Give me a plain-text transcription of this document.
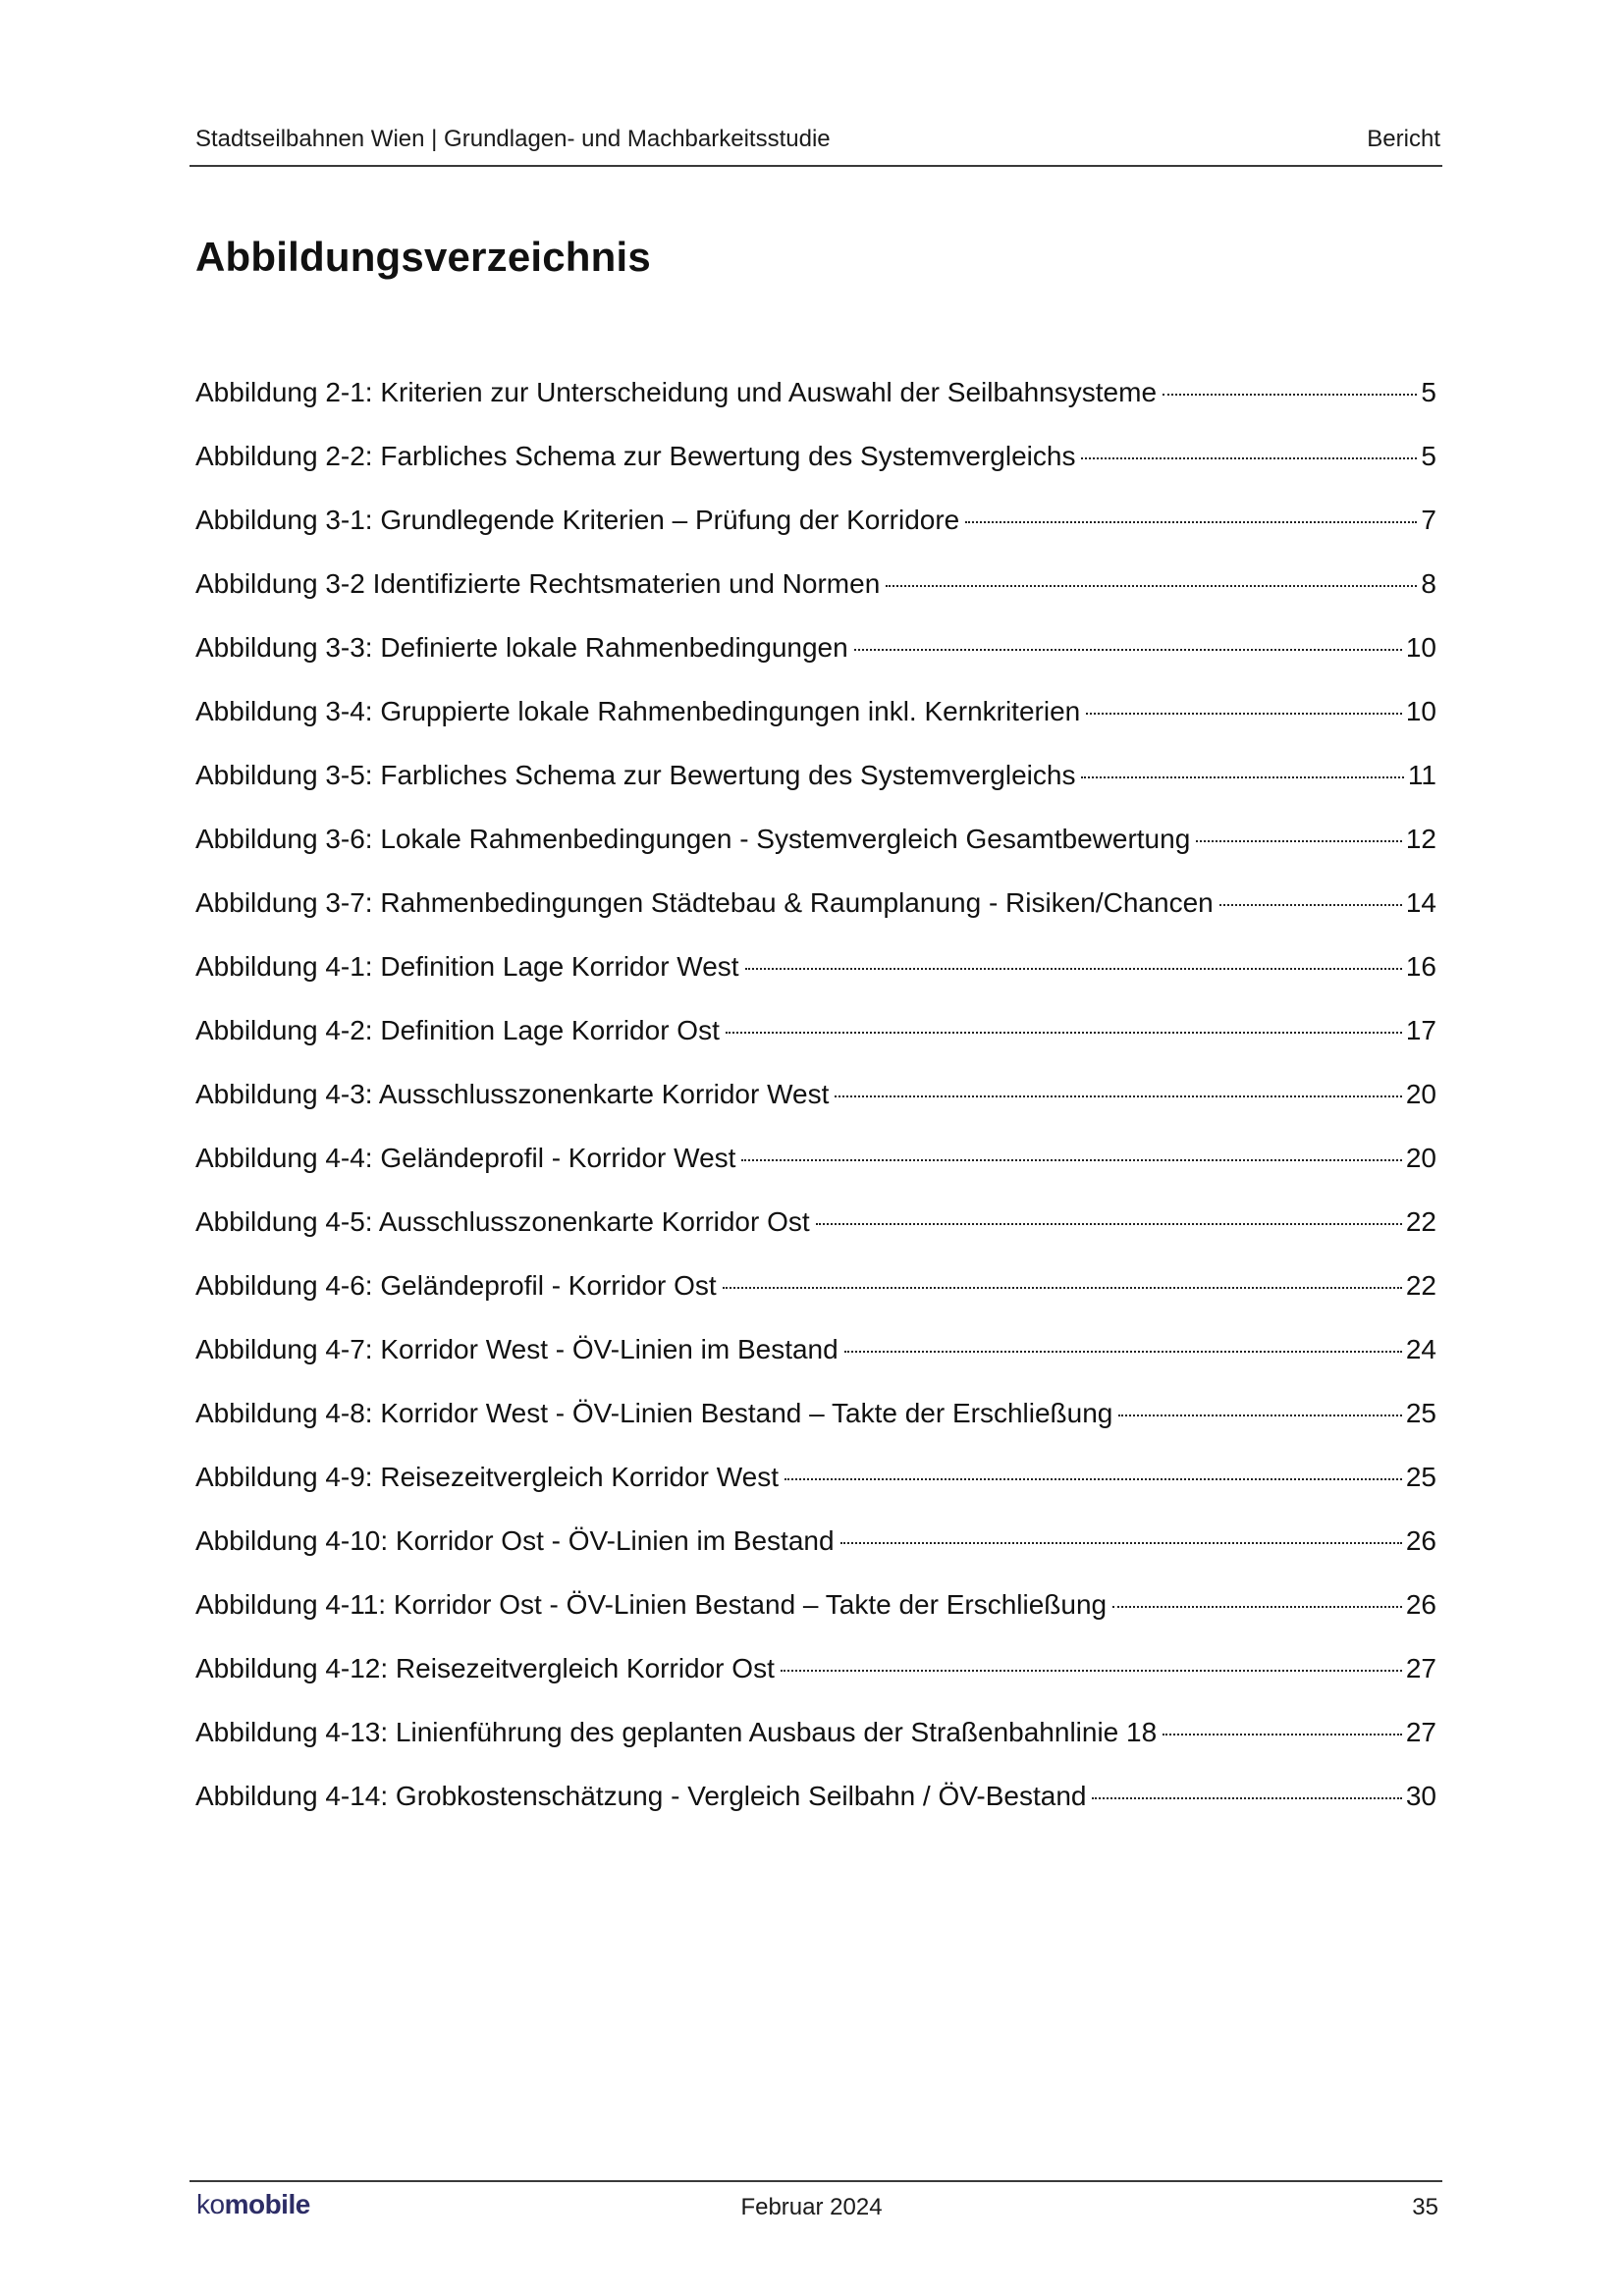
Stadtseilbahnen Wien | Grundlagen- und Machbarkeitsstudie	Bericht
Abbildungsverzeichnis
Abbildung 2-1: Kriterien zur Unterscheidung und Auswahl der Seilbahnsysteme	5
Abbildung 2-2: Farbliches Schema zur Bewertung des Systemvergleichs	5
Abbildung 3-1: Grundlegende Kriterien – Prüfung der Korridore	7
Abbildung 3-2 Identifizierte Rechtsmaterien und Normen	8
Abbildung 3-3: Definierte lokale Rahmenbedingungen	10
Abbildung 3-4: Gruppierte lokale Rahmenbedingungen inkl. Kernkriterien	10
Abbildung 3-5: Farbliches Schema zur Bewertung des Systemvergleichs	11
Abbildung 3-6: Lokale Rahmenbedingungen - Systemvergleich Gesamtbewertung	12
Abbildung 3-7: Rahmenbedingungen Städtebau & Raumplanung - Risiken/Chancen	14
Abbildung 4-1: Definition Lage Korridor West	16
Abbildung 4-2: Definition Lage Korridor Ost	17
Abbildung 4-3: Ausschlusszonenkarte Korridor West	20
Abbildung 4-4: Geländeprofil - Korridor West	20
Abbildung 4-5: Ausschlusszonenkarte Korridor Ost	22
Abbildung 4-6: Geländeprofil - Korridor Ost	22
Abbildung 4-7: Korridor West - ÖV-Linien im Bestand	24
Abbildung 4-8: Korridor West - ÖV-Linien Bestand – Takte der Erschließung	25
Abbildung 4-9: Reisezeitvergleich Korridor West	25
Abbildung 4-10: Korridor Ost - ÖV-Linien im Bestand	26
Abbildung 4-11: Korridor Ost - ÖV-Linien Bestand – Takte der Erschließung	26
Abbildung 4-12: Reisezeitvergleich Korridor Ost	27
Abbildung 4-13: Linienführung des geplanten Ausbaus der Straßenbahnlinie 18	27
Abbildung 4-14: Grobkostenschätzung - Vergleich Seilbahn / ÖV-Bestand	30
komobile	Februar 2024	35
